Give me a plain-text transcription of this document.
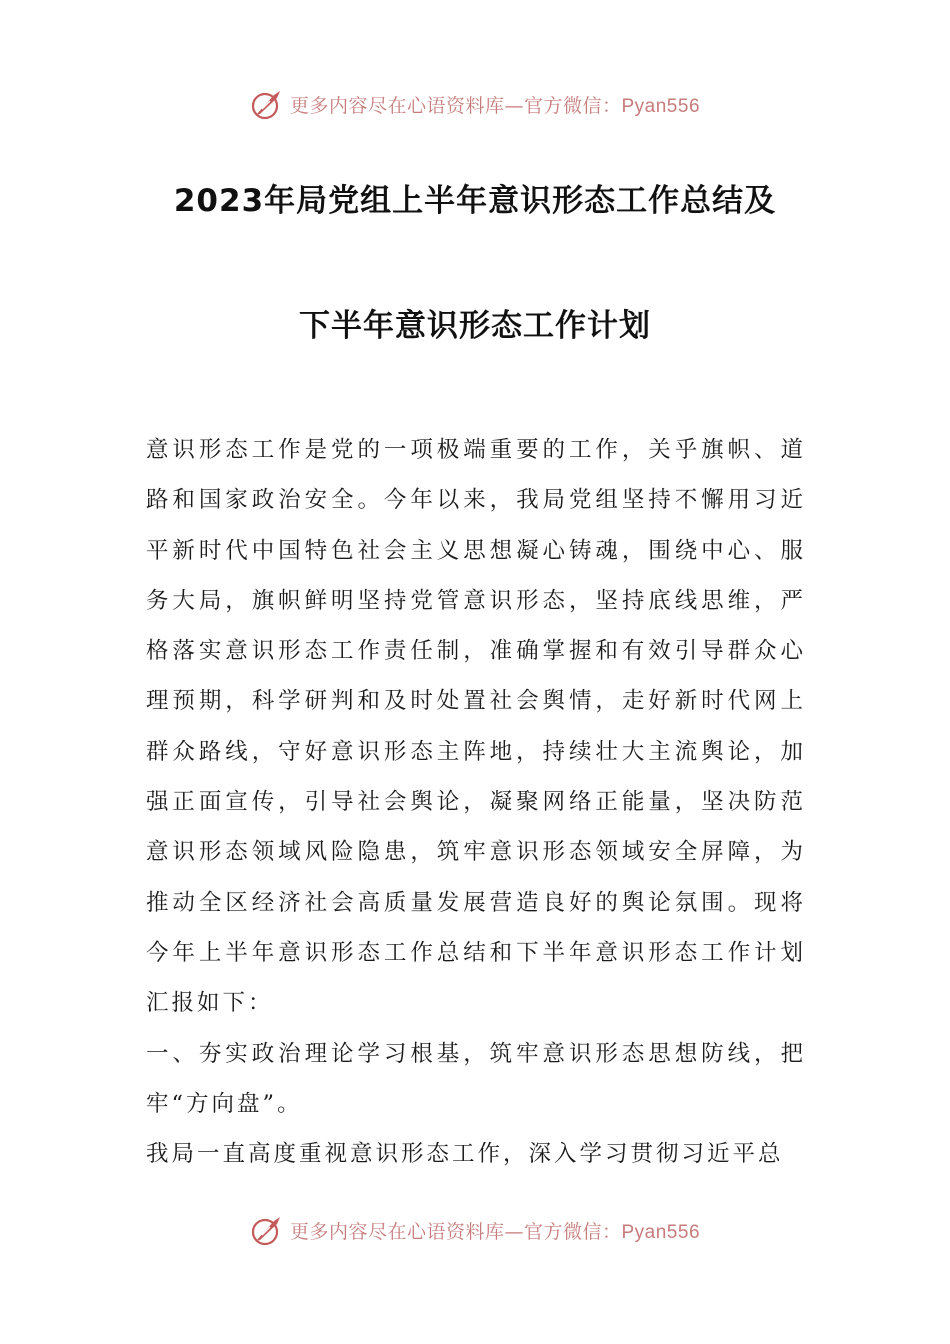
更多内容尽在心语资料库—官方微信：Pyan556
2023年局党组上半年意识形态工作总结及
下半年意识形态工作计划

意识形态工作是党的一项极端重要的工作，关乎旗帜、道路和国家政治安全。今年以来，我局党组坚持不懈用习近平新时代中国特色社会主义思想凝心铸魂，围绕中心、服务大局，旗帜鲜明坚持党管意识形态，坚持底线思维，严格落实意识形态工作责任制，准确掌握和有效引导群众心理预期，科学研判和及时处置社会舆情，走好新时代网上群众路线，守好意识形态主阵地，持续壮大主流舆论，加强正面宣传，引导社会舆论，凝聚网络正能量，坚决防范意识形态领域风险隐患，筑牢意识形态领域安全屏障，为推动全区经济社会高质量发展营造良好的舆论氛围。现将今年上半年意识形态工作总结和下半年意识形态工作计划汇报如下：

一、夯实政治理论学习根基，筑牢意识形态思想防线，把牢“方向盘”。

我局一直高度重视意识形态工作，深入学习贯彻习近平总

更多内容尽在心语资料库—官方微信：Pyan556
